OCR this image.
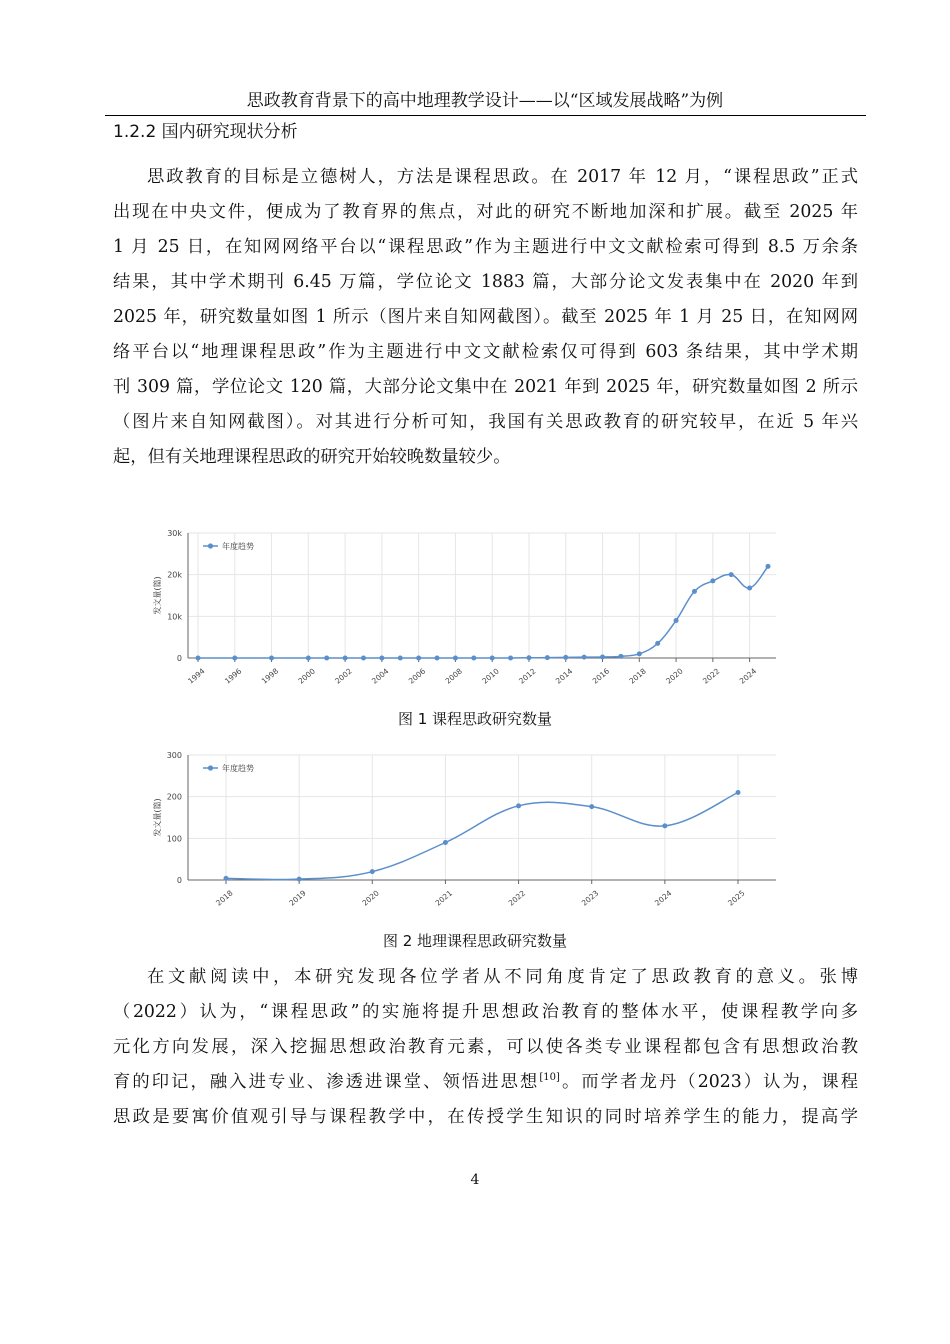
思政教育背景下的高中地理教学设计——以“区域发展战略”为例
1.2.2 国内研究现状分析
思政教育的目标是立德树人，方法是课程思政。在 2017 年 12 月，“课程思政”正式
出现在中央文件，便成为了教育界的焦点，对此的研究不断地加深和扩展。截至 2025 年
1 月 25 日，在知网网络平台以“课程思政”作为主题进行中文文献检索可得到 8.5 万余条
结果，其中学术期刊 6.45 万篇，学位论文 1883 篇，大部分论文发表集中在 2020 年到
2025 年，研究数量如图 1 所示（图片来自知网截图）。截至 2025 年 1 月 25 日，在知网网
络平台以“地理课程思政”作为主题进行中文文献检索仅可得到 603 条结果，其中学术期
刊 309 篇，学位论文 120 篇，大部分论文集中在 2021 年到 2025 年，研究数量如图 2 所示
（图片来自知网截图）。对其进行分析可知，我国有关思政教育的研究较早，在近 5 年兴
起，但有关地理课程思政的研究开始较晚数量较少。
0
10k
20k
30k
1994 1996 1998 2000 2002 2004 2006 2008 2010 2012 2014 2016 2018 2020 2022 2024
发文量(篇)
年度趋势
图 1 课程思政研究数量
0
100
200
300
2018	2019	2020	2021	2022	2023	2024	2025
发文量(篇)
年度趋势
图 2 地理课程思政研究数量
在文献阅读中，本研究发现各位学者从不同角度肯定了思政教育的意义。张博
（2022）认为，“课程思政”的实施将提升思想政治教育的整体水平，使课程教学向多
元化方向发展，深入挖掘思想政治教育元素，可以使各类专业课程都包含有思想政治教
育的印记，融入进专业、渗透进课堂、领悟进思想[10]。而学者龙丹（2023）认为，课程
思政是要寓价值观引导与课程教学中，在传授学生知识的同时培养学生的能力，提高学
4
